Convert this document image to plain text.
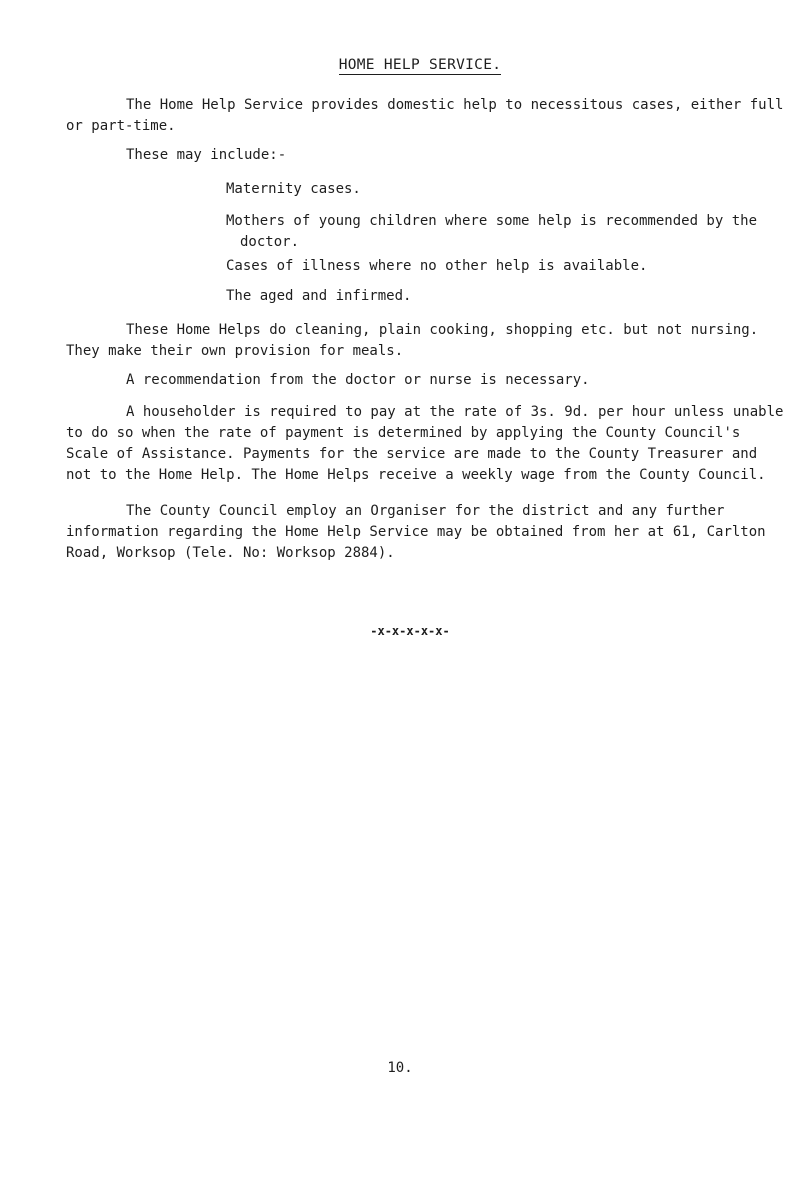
HOME HELP SERVICE.

The Home Help Service provides domestic help to necessitous cases, either full or part-time.

These may include:-

Maternity cases.

Mothers of young children where some help is recommended by the doctor.

Cases of illness where no other help is available.

The aged and infirmed.

These Home Helps do cleaning, plain cooking, shopping etc. but not nursing. They make their own provision for meals.

A recommendation from the doctor or nurse is necessary.

A householder is required to pay at the rate of 3s. 9d. per hour unless unable to do so when the rate of payment is determined by applying the County Council's Scale of Assistance. Payments for the service are made to the County Treasurer and not to the Home Help. The Home Helps receive a weekly wage from the County Council.

The County Council employ an Organiser for the district and any further information regarding the Home Help Service may be obtained from her at 61, Carlton Road, Worksop (Tele. No: Worksop 2884).

-x-x-x-x-x-
10.
